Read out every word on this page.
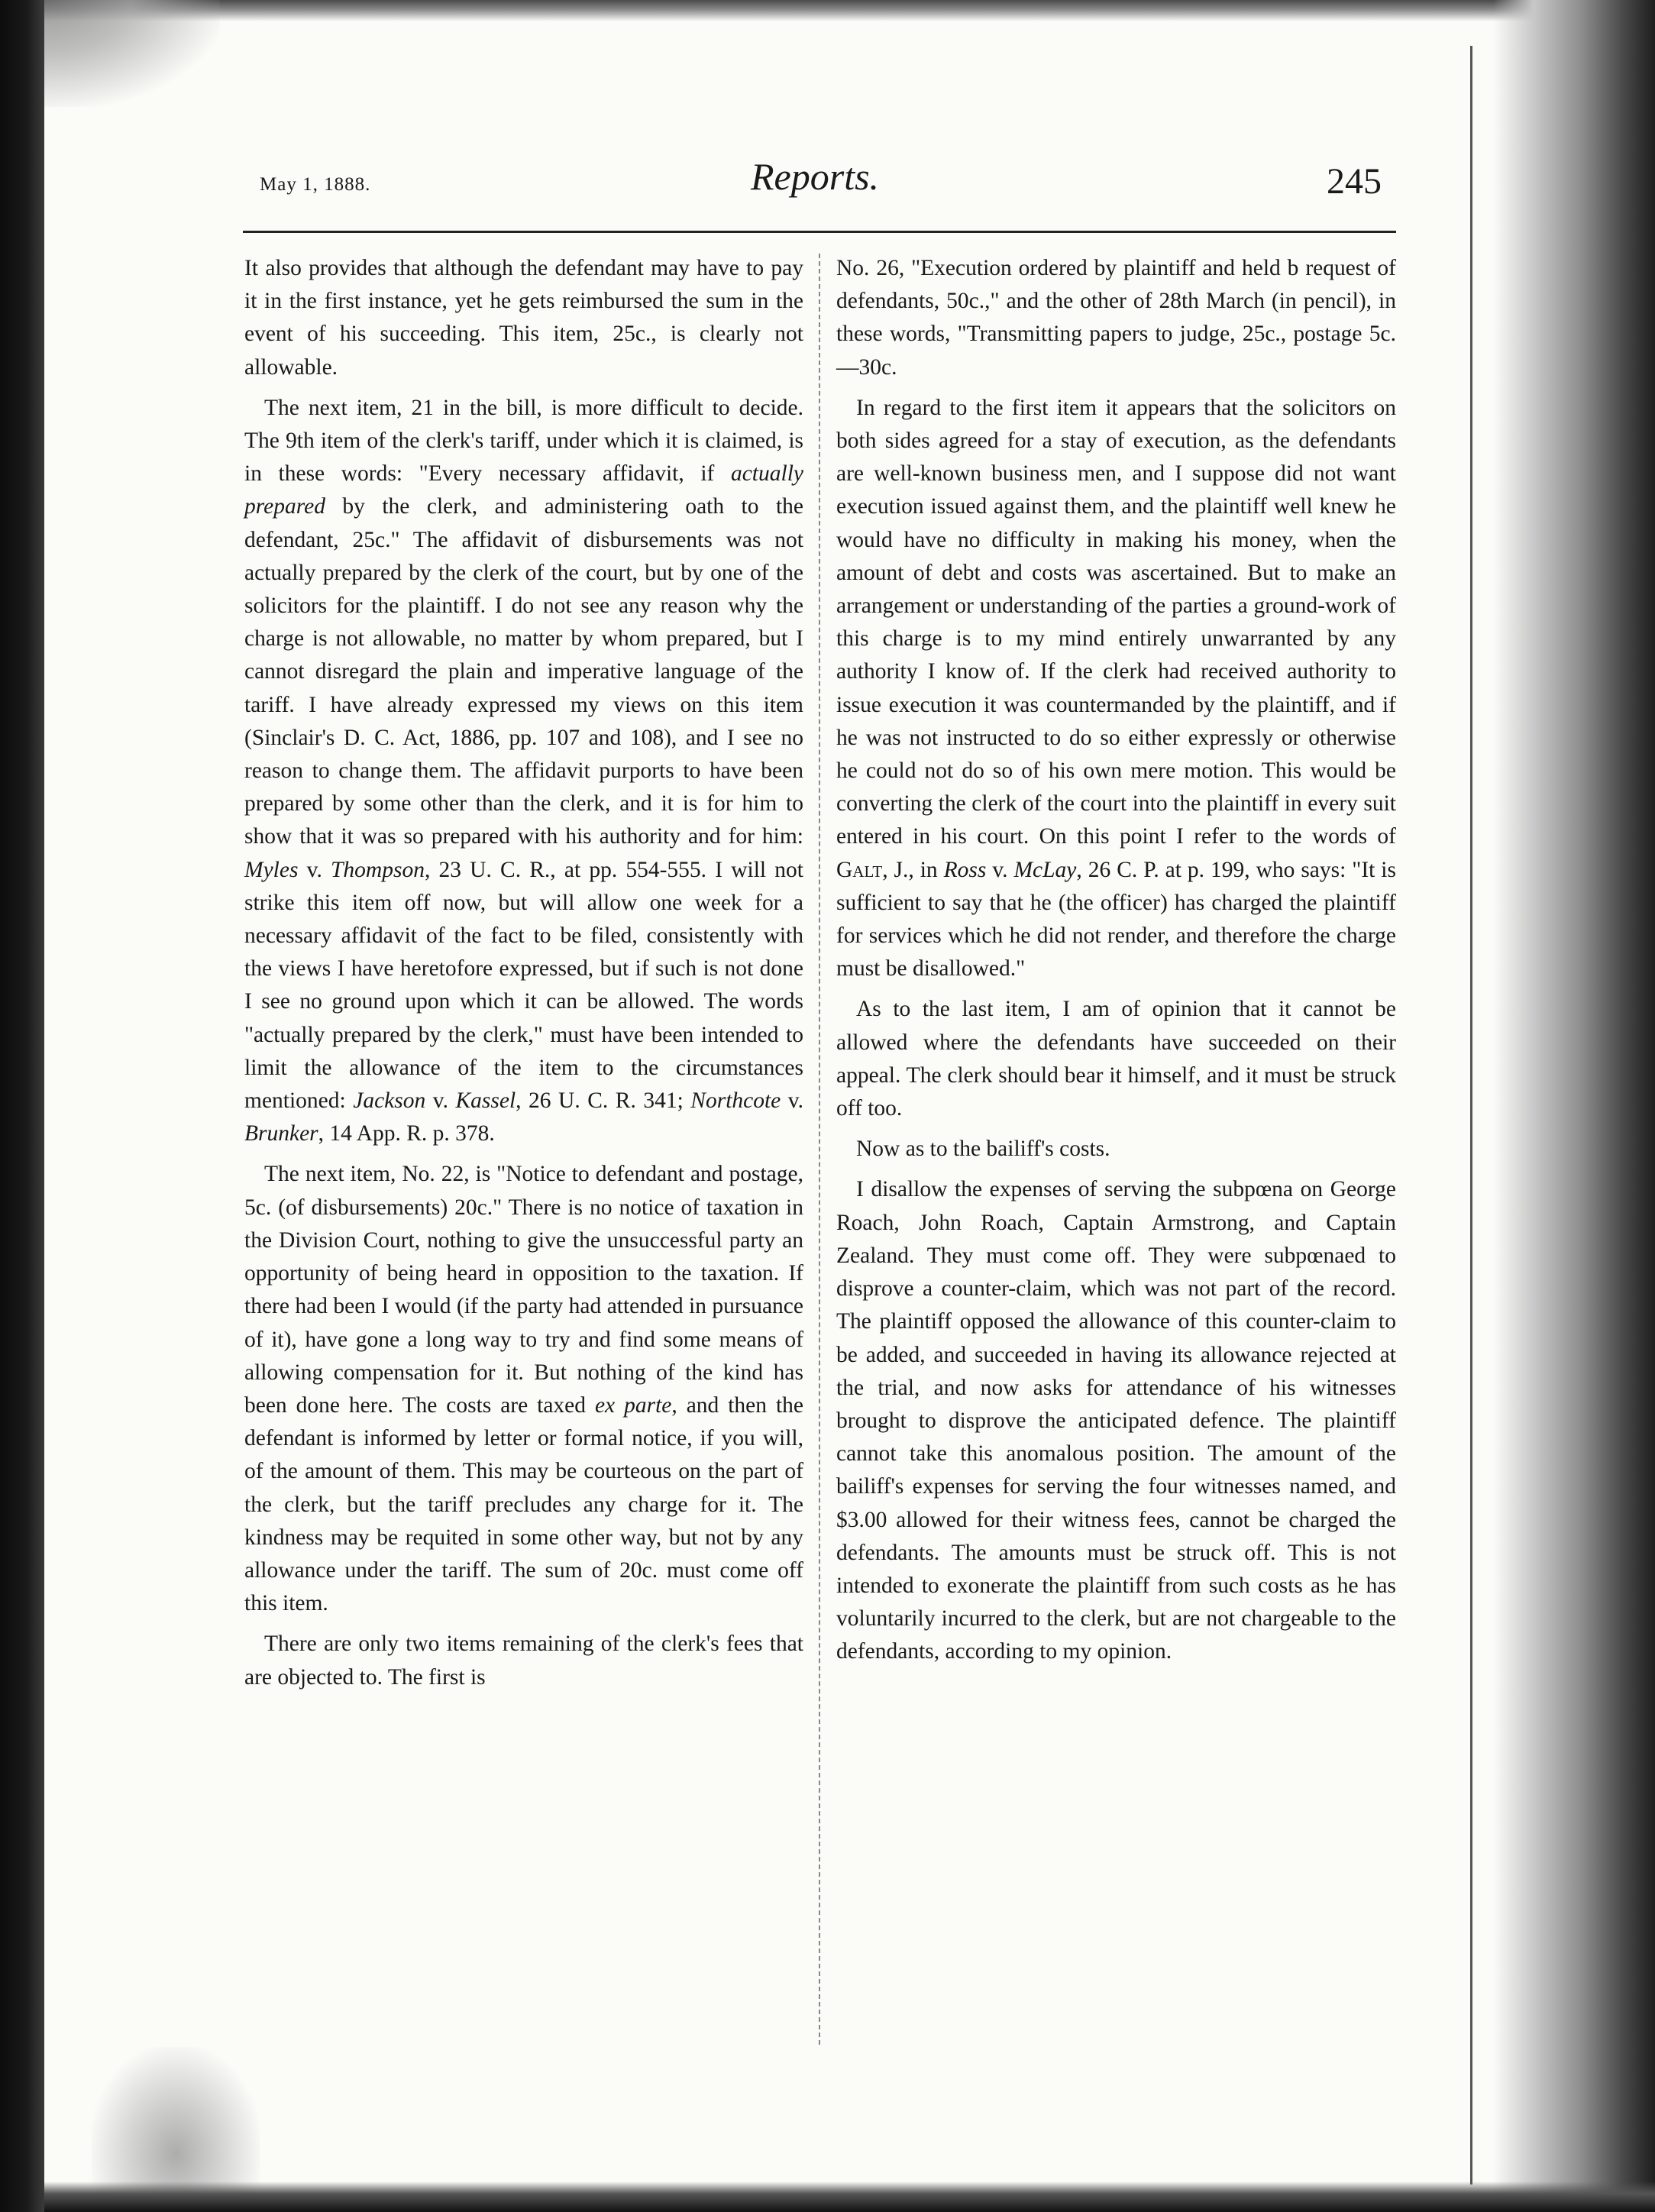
May 1, 1888.	Reports.	245

It also provides that although the defendant may have to pay it in the first instance, yet he gets reimbursed the sum in the event of his succeeding. This item, 25c., is clearly not allowable.

The next item, 21 in the bill, is more difficult to decide. The 9th item of the clerk's tariff, under which it is claimed, is in these words: "Every necessary affidavit, if actually prepared by the clerk, and administering oath to the defendant, 25c." The affidavit of disbursements was not actually prepared by the clerk of the court, but by one of the solicitors for the plaintiff. I do not see any reason why the charge is not allowable, no matter by whom prepared, but I cannot disregard the plain and imperative language of the tariff. I have already expressed my views on this item (Sinclair's D. C. Act, 1886, pp. 107 and 108), and I see no reason to change them. The affidavit purports to have been prepared by some other than the clerk, and it is for him to show that it was so prepared with his authority and for him: Myles v. Thompson, 23 U. C. R., at pp. 554-555. I will not strike this item off now, but will allow one week for a necessary affidavit of the fact to be filed, consistently with the views I have heretofore expressed, but if such is not done I see no ground upon which it can be allowed. The words "actually prepared by the clerk," must have been intended to limit the allowance of the item to the circumstances mentioned: Jackson v. Kassel, 26 U. C. R. 341; Northcote v. Brunker, 14 App. R. p. 378.

The next item, No. 22, is "Notice to defendant and postage, 5c. (of disbursements) 20c." There is no notice of taxation in the Division Court, nothing to give the unsuccessful party an opportunity of being heard in opposition to the taxation. If there had been I would (if the party had attended in pursuance of it), have gone a long way to try and find some means of allowing compensation for it. But nothing of the kind has been done here. The costs are taxed ex parte, and then the defendant is informed by letter or formal notice, if you will, of the amount of them. This may be courteous on the part of the clerk, but the tariff precludes any charge for it. The kindness may be requited in some other way, but not by any allowance under the tariff. The sum of 20c. must come off this item.

There are only two items remaining of the clerk's fees that are objected to. The first is

No. 26, "Execution ordered by plaintiff and held b request of defendants, 50c.," and the other of 28th March (in pencil), in these words, "Transmitting papers to judge, 25c., postage 5c.—30c.

In regard to the first item it appears that the solicitors on both sides agreed for a stay of execution, as the defendants are well-known business men, and I suppose did not want execution issued against them, and the plaintiff well knew he would have no difficulty in making his money, when the amount of debt and costs was ascertained. But to make an arrangement or understanding of the parties a ground-work of this charge is to my mind entirely unwarranted by any authority I know of. If the clerk had received authority to issue execution it was countermanded by the plaintiff, and if he was not instructed to do so either expressly or otherwise he could not do so of his own mere motion. This would be converting the clerk of the court into the plaintiff in every suit entered in his court. On this point I refer to the words of Galt, J., in Ross v. McLay, 26 C. P. at p. 199, who says: "It is sufficient to say that he (the officer) has charged the plaintiff for services which he did not render, and therefore the charge must be disallowed."

As to the last item, I am of opinion that it cannot be allowed where the defendants have succeeded on their appeal. The clerk should bear it himself, and it must be struck off too.

Now as to the bailiff's costs.

I disallow the expenses of serving the subpœna on George Roach, John Roach, Captain Armstrong, and Captain Zealand. They must come off. They were subpœnaed to disprove a counter-claim, which was not part of the record. The plaintiff opposed the allowance of this counter-claim to be added, and succeeded in having its allowance rejected at the trial, and now asks for attendance of his witnesses brought to disprove the anticipated defence. The plaintiff cannot take this anomalous position. The amount of the bailiff's expenses for serving the four witnesses named, and $3.00 allowed for their witness fees, cannot be charged the defendants. The amounts must be struck off. This is not intended to exonerate the plaintiff from such costs as he has voluntarily incurred to the clerk, but are not chargeable to the defendants, according to my opinion.
